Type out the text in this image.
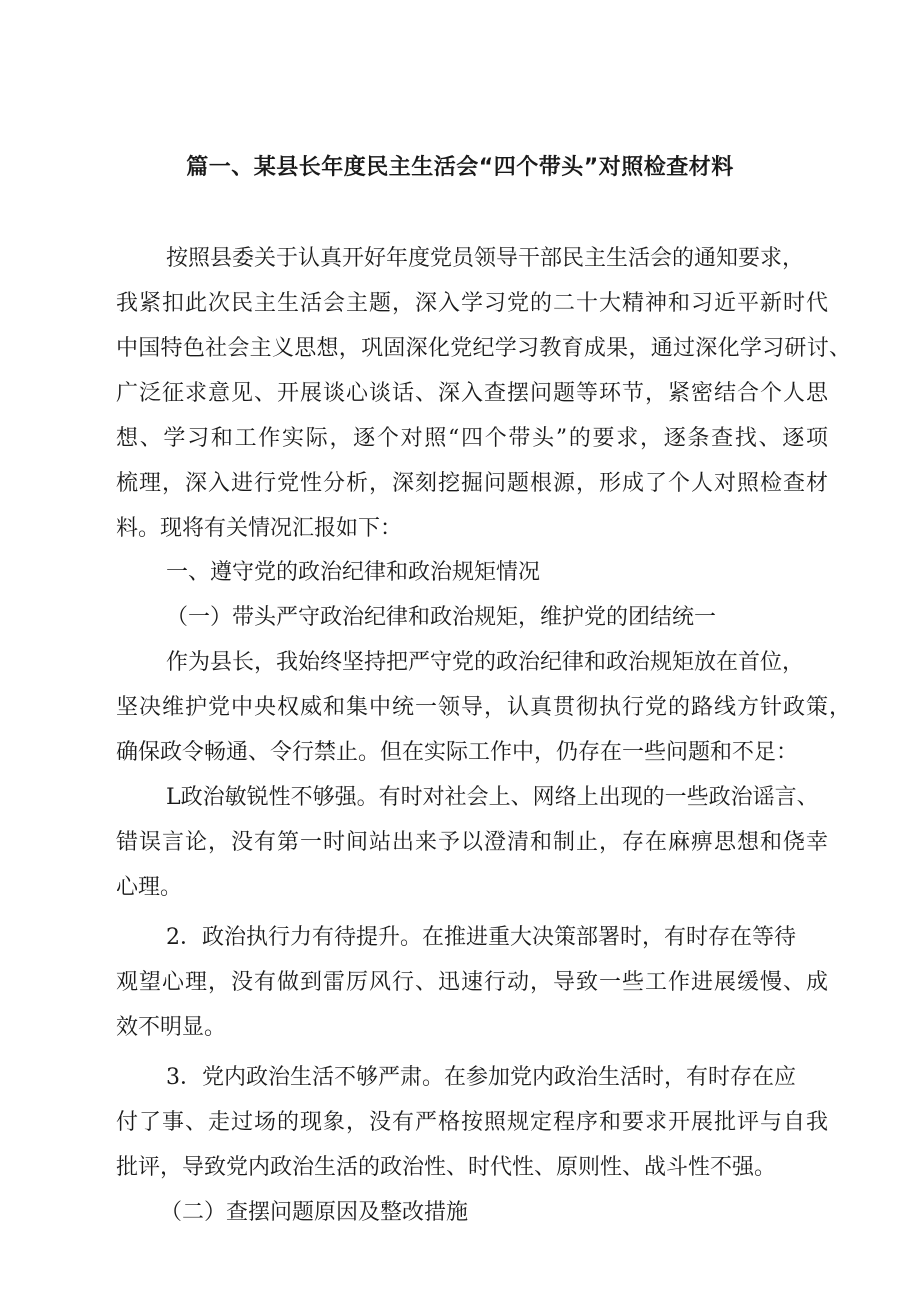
篇一、某县长年度民主生活会“四个带头”对照检查材料
按照县委关于认真开好年度党员领导干部民主生活会的通知要求，
我紧扣此次民主生活会主题，深入学习党的二十大精神和习近平新时代
中国特色社会主义思想，巩固深化党纪学习教育成果，通过深化学习研讨、
广泛征求意见、开展谈心谈话、深入查摆问题等环节，紧密结合个人思
想、学习和工作实际，逐个对照“四个带头”的要求，逐条查找、逐项
梳理，深入进行党性分析，深刻挖掘问题根源，形成了个人对照检查材
料。现将有关情况汇报如下：
一、遵守党的政治纪律和政治规矩情况
（一）带头严守政治纪律和政治规矩，维护党的团结统一
作为县长，我始终坚持把严守党的政治纪律和政治规矩放在首位，
坚决维护党中央权威和集中统一领导，认真贯彻执行党的路线方针政策，
确保政令畅通、令行禁止。但在实际工作中，仍存在一些问题和不足：
L政治敏锐性不够强。有时对社会上、网络上出现的一些政治谣言、
错误言论，没有第一时间站出来予以澄清和制止，存在麻痹思想和侥幸
心理。
2．政治执行力有待提升。在推进重大决策部署时，有时存在等待
观望心理，没有做到雷厉风行、迅速行动，导致一些工作进展缓慢、成
效不明显。
3．党内政治生活不够严肃。在参加党内政治生活时，有时存在应
付了事、走过场的现象，没有严格按照规定程序和要求开展批评与自我
批评，导致党内政治生活的政治性、时代性、原则性、战斗性不强。
（二）查摆问题原因及整改措施
